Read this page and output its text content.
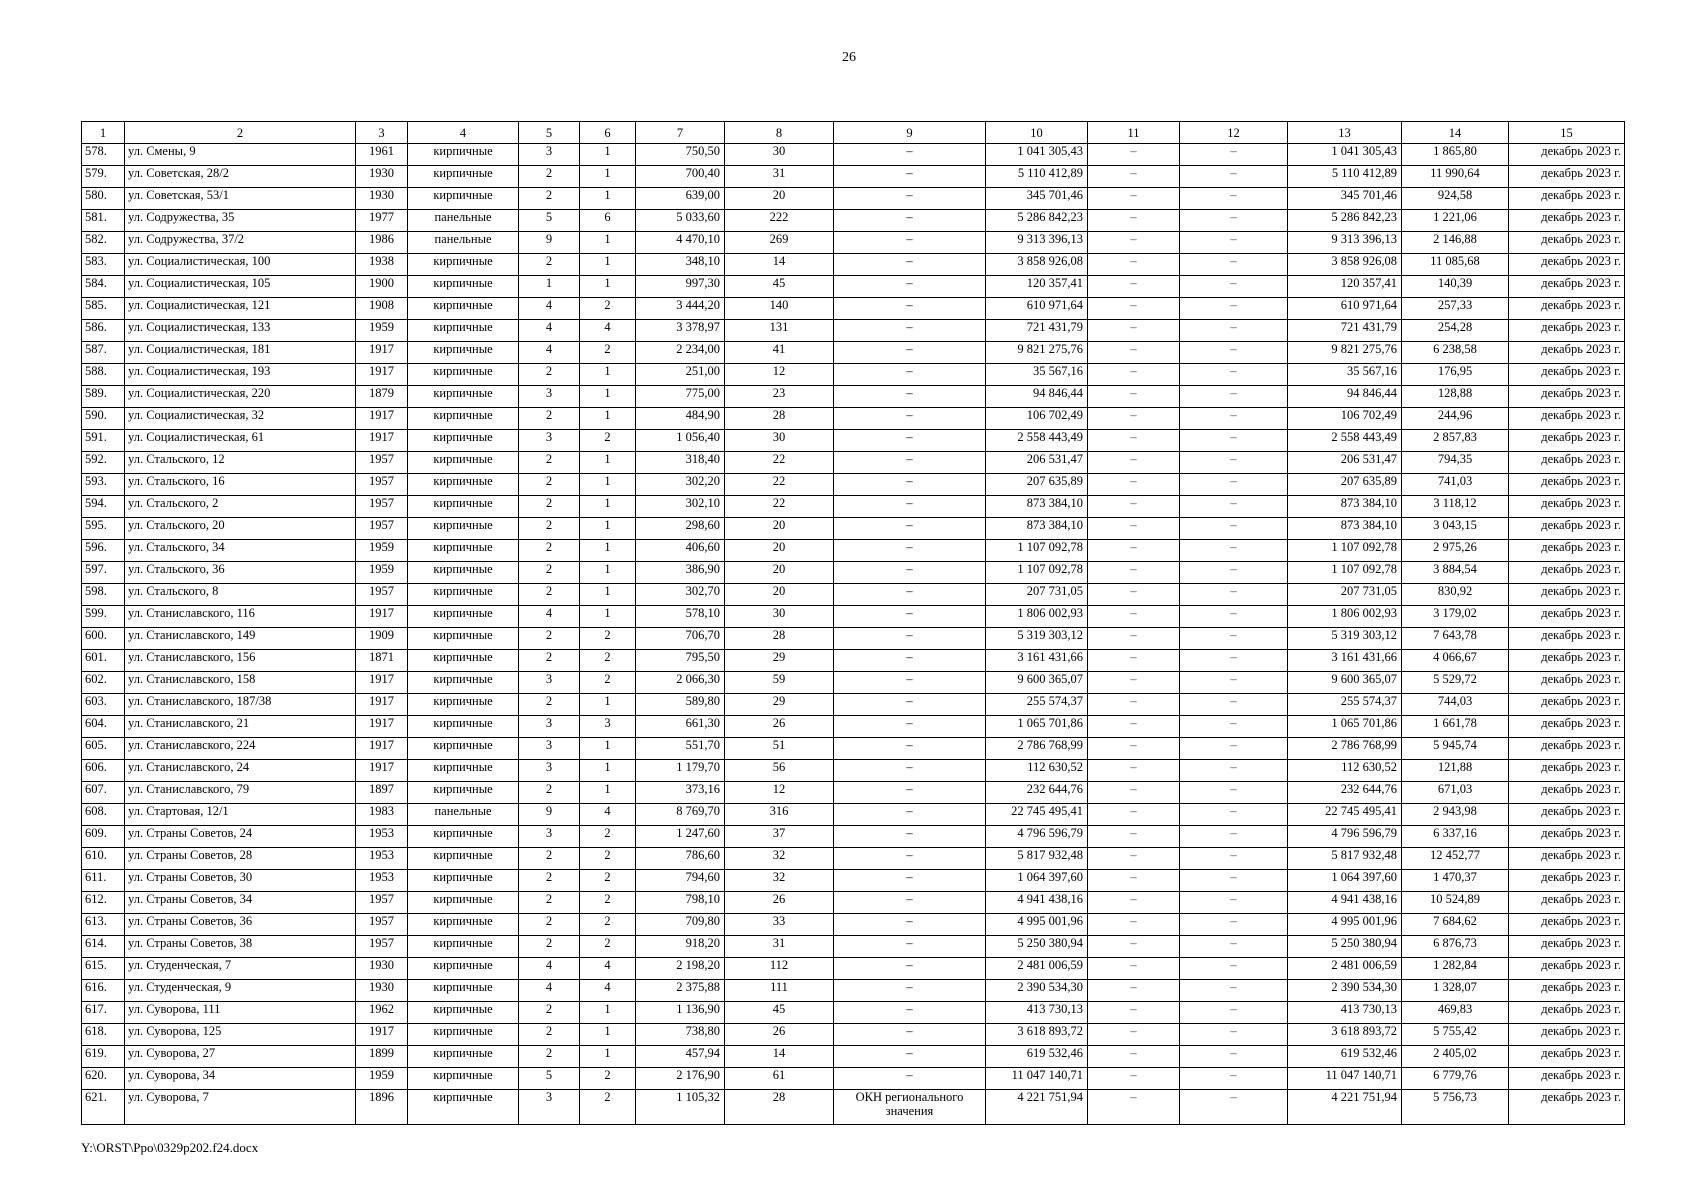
26
1	2	3	4	5	6	7	8	9	10	11	12	13	14	15
578.	ул. Смены, 9	1961	кирпичные	3	1	750,50	30	–	1 041 305,43	–	–	1 041 305,43	1 865,80	декабрь 2023 г.
579.	ул. Советская, 28/2	1930	кирпичные	2	1	700,40	31	–	5 110 412,89	–	–	5 110 412,89	11 990,64	декабрь 2023 г.
580.	ул. Советская, 53/1	1930	кирпичные	2	1	639,00	20	–	345 701,46	–	–	345 701,46	924,58	декабрь 2023 г.
581.	ул. Содружества, 35	1977	панельные	5	6	5 033,60	222	–	5 286 842,23	–	–	5 286 842,23	1 221,06	декабрь 2023 г.
582.	ул. Содружества, 37/2	1986	панельные	9	1	4 470,10	269	–	9 313 396,13	–	–	9 313 396,13	2 146,88	декабрь 2023 г.
583.	ул. Социалистическая, 100	1938	кирпичные	2	1	348,10	14	–	3 858 926,08	–	–	3 858 926,08	11 085,68	декабрь 2023 г.
584.	ул. Социалистическая, 105	1900	кирпичные	1	1	997,30	45	–	120 357,41	–	–	120 357,41	140,39	декабрь 2023 г.
585.	ул. Социалистическая, 121	1908	кирпичные	4	2	3 444,20	140	–	610 971,64	–	–	610 971,64	257,33	декабрь 2023 г.
586.	ул. Социалистическая, 133	1959	кирпичные	4	4	3 378,97	131	–	721 431,79	–	–	721 431,79	254,28	декабрь 2023 г.
587.	ул. Социалистическая, 181	1917	кирпичные	4	2	2 234,00	41	–	9 821 275,76	–	–	9 821 275,76	6 238,58	декабрь 2023 г.
588.	ул. Социалистическая, 193	1917	кирпичные	2	1	251,00	12	–	35 567,16	–	–	35 567,16	176,95	декабрь 2023 г.
589.	ул. Социалистическая, 220	1879	кирпичные	3	1	775,00	23	–	94 846,44	–	–	94 846,44	128,88	декабрь 2023 г.
590.	ул. Социалистическая, 32	1917	кирпичные	2	1	484,90	28	–	106 702,49	–	–	106 702,49	244,96	декабрь 2023 г.
591.	ул. Социалистическая, 61	1917	кирпичные	3	2	1 056,40	30	–	2 558 443,49	–	–	2 558 443,49	2 857,83	декабрь 2023 г.
592.	ул. Стальского, 12	1957	кирпичные	2	1	318,40	22	–	206 531,47	–	–	206 531,47	794,35	декабрь 2023 г.
593.	ул. Стальского, 16	1957	кирпичные	2	1	302,20	22	–	207 635,89	–	–	207 635,89	741,03	декабрь 2023 г.
594.	ул. Стальского, 2	1957	кирпичные	2	1	302,10	22	–	873 384,10	–	–	873 384,10	3 118,12	декабрь 2023 г.
595.	ул. Стальского, 20	1957	кирпичные	2	1	298,60	20	–	873 384,10	–	–	873 384,10	3 043,15	декабрь 2023 г.
596.	ул. Стальского, 34	1959	кирпичные	2	1	406,60	20	–	1 107 092,78	–	–	1 107 092,78	2 975,26	декабрь 2023 г.
597.	ул. Стальского, 36	1959	кирпичные	2	1	386,90	20	–	1 107 092,78	–	–	1 107 092,78	3 884,54	декабрь 2023 г.
598.	ул. Стальского, 8	1957	кирпичные	2	1	302,70	20	–	207 731,05	–	–	207 731,05	830,92	декабрь 2023 г.
599.	ул. Станиславского, 116	1917	кирпичные	4	1	578,10	30	–	1 806 002,93	–	–	1 806 002,93	3 179,02	декабрь 2023 г.
600.	ул. Станиславского, 149	1909	кирпичные	2	2	706,70	28	–	5 319 303,12	–	–	5 319 303,12	7 643,78	декабрь 2023 г.
601.	ул. Станиславского, 156	1871	кирпичные	2	2	795,50	29	–	3 161 431,66	–	–	3 161 431,66	4 066,67	декабрь 2023 г.
602.	ул. Станиславского, 158	1917	кирпичные	3	2	2 066,30	59	–	9 600 365,07	–	–	9 600 365,07	5 529,72	декабрь 2023 г.
603.	ул. Станиславского, 187/38	1917	кирпичные	2	1	589,80	29	–	255 574,37	–	–	255 574,37	744,03	декабрь 2023 г.
604.	ул. Станиславского, 21	1917	кирпичные	3	3	661,30	26	–	1 065 701,86	–	–	1 065 701,86	1 661,78	декабрь 2023 г.
605.	ул. Станиславского, 224	1917	кирпичные	3	1	551,70	51	–	2 786 768,99	–	–	2 786 768,99	5 945,74	декабрь 2023 г.
606.	ул. Станиславского, 24	1917	кирпичные	3	1	1 179,70	56	–	112 630,52	–	–	112 630,52	121,88	декабрь 2023 г.
607.	ул. Станиславского, 79	1897	кирпичные	2	1	373,16	12	–	232 644,76	–	–	232 644,76	671,03	декабрь 2023 г.
608.	ул. Стартовая, 12/1	1983	панельные	9	4	8 769,70	316	–	22 745 495,41	–	–	22 745 495,41	2 943,98	декабрь 2023 г.
609.	ул. Страны Советов, 24	1953	кирпичные	3	2	1 247,60	37	–	4 796 596,79	–	–	4 796 596,79	6 337,16	декабрь 2023 г.
610.	ул. Страны Советов, 28	1953	кирпичные	2	2	786,60	32	–	5 817 932,48	–	–	5 817 932,48	12 452,77	декабрь 2023 г.
611.	ул. Страны Советов, 30	1953	кирпичные	2	2	794,60	32	–	1 064 397,60	–	–	1 064 397,60	1 470,37	декабрь 2023 г.
612.	ул. Страны Советов, 34	1957	кирпичные	2	2	798,10	26	–	4 941 438,16	–	–	4 941 438,16	10 524,89	декабрь 2023 г.
613.	ул. Страны Советов, 36	1957	кирпичные	2	2	709,80	33	–	4 995 001,96	–	–	4 995 001,96	7 684,62	декабрь 2023 г.
614.	ул. Страны Советов, 38	1957	кирпичные	2	2	918,20	31	–	5 250 380,94	–	–	5 250 380,94	6 876,73	декабрь 2023 г.
615.	ул. Студенческая, 7	1930	кирпичные	4	4	2 198,20	112	–	2 481 006,59	–	–	2 481 006,59	1 282,84	декабрь 2023 г.
616.	ул. Студенческая, 9	1930	кирпичные	4	4	2 375,88	111	–	2 390 534,30	–	–	2 390 534,30	1 328,07	декабрь 2023 г.
617.	ул. Суворова, 111	1962	кирпичные	2	1	1 136,90	45	–	413 730,13	–	–	413 730,13	469,83	декабрь 2023 г.
618.	ул. Суворова, 125	1917	кирпичные	2	1	738,80	26	–	3 618 893,72	–	–	3 618 893,72	5 755,42	декабрь 2023 г.
619.	ул. Суворова, 27	1899	кирпичные	2	1	457,94	14	–	619 532,46	–	–	619 532,46	2 405,02	декабрь 2023 г.
620.	ул. Суворова, 34	1959	кирпичные	5	2	2 176,90	61	–	11 047 140,71	–	–	11 047 140,71	6 779,76	декабрь 2023 г.
621.	ул. Суворова, 7	1896	кирпичные	3	2	1 105,32	28	ОКН регионального значения	4 221 751,94	–	–	4 221 751,94	5 756,73	декабрь 2023 г.
Y:\ORST\Ppo\0329p202.f24.docx
